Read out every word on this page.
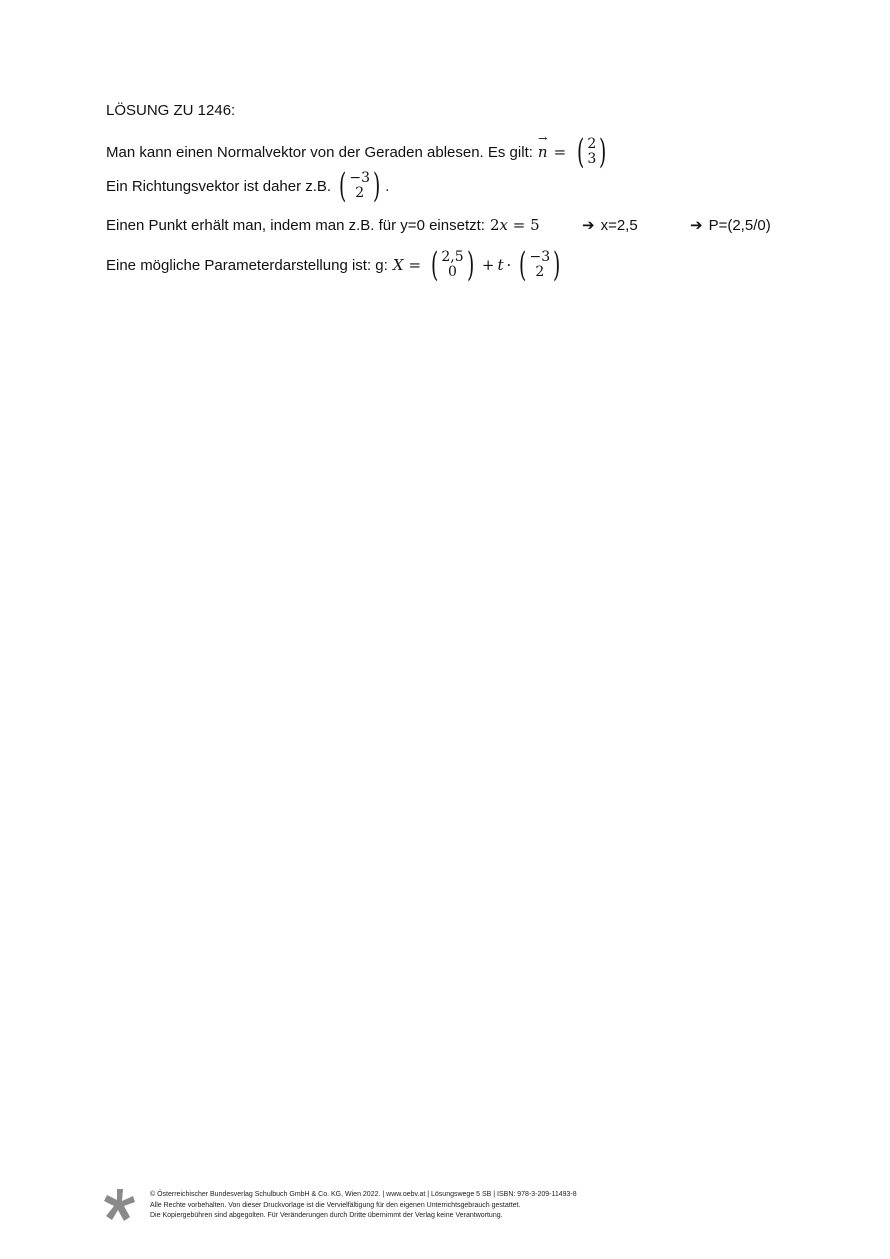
LÖSUNG ZU 1246:
Man kann einen Normalvektor von der Geraden ablesen. Es gilt:
→
n = ( 2
3 )
Ein Richtungsvektor ist daher z.B. ( −3
2 ) .
Einen Punkt erhält man, indem man z.B. für y=0 einsetzt: 2x = 5	➔ x=2,5	➔ P=(2,5/0)
Eine mögliche Parameterdarstellung ist: g: X = ( 2,5
0 ) + t · ( −3
2 )
© Österreichischer Bundesverlag Schulbuch GmbH & Co. KG, Wien 2022. | www.oebv.at | Lösungswege 5 SB | ISBN: 978-3-209-11493-8
Alle Rechte vorbehalten. Von dieser Druckvorlage ist die Vervielfältigung für den eigenen Unterrichtsgebrauch gestattet.
Die Kopiergebühren sind abgegolten. Für Veränderungen durch Dritte übernimmt der Verlag keine Verantwortung.
